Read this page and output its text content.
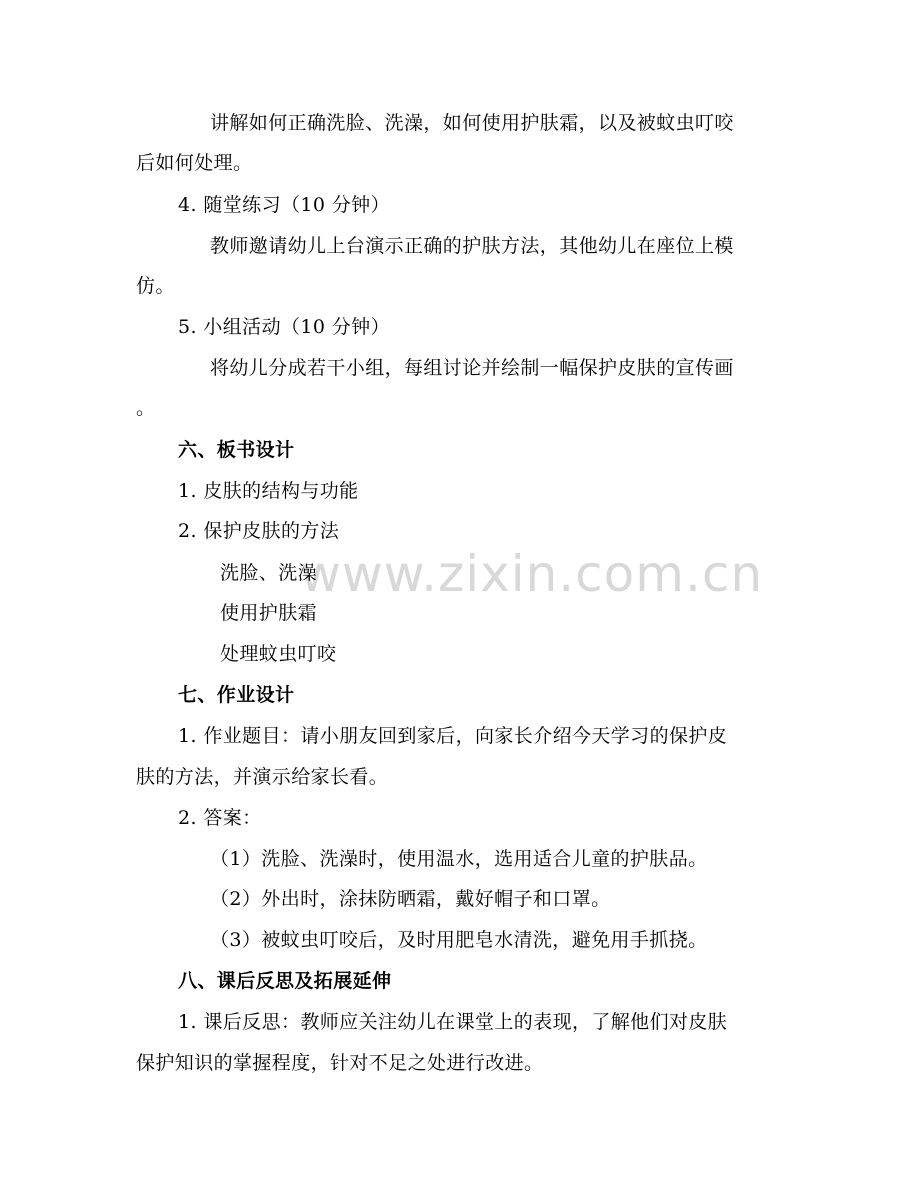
www.zixin.com.cn
讲解如何正确洗脸、洗澡，如何使用护肤霜，以及被蚊虫叮咬
后如何处理。
4. 随堂练习（10 分钟）
教师邀请幼儿上台演示正确的护肤方法，其他幼儿在座位上模
仿。
5. 小组活动（10 分钟）
将幼儿分成若干小组，每组讨论并绘制一幅保护皮肤的宣传画
。
六、板书设计
1. 皮肤的结构与功能
2. 保护皮肤的方法
洗脸、洗澡
使用护肤霜
处理蚊虫叮咬
七、作业设计
1. 作业题目：请小朋友回到家后，向家长介绍今天学习的保护皮
肤的方法，并演示给家长看。
2. 答案：
（1）洗脸、洗澡时，使用温水，选用适合儿童的护肤品。
（2）外出时，涂抹防晒霜，戴好帽子和口罩。
（3）被蚊虫叮咬后，及时用肥皂水清洗，避免用手抓挠。
八、课后反思及拓展延伸
1. 课后反思：教师应关注幼儿在课堂上的表现，了解他们对皮肤
保护知识的掌握程度，针对不足之处进行改进。
